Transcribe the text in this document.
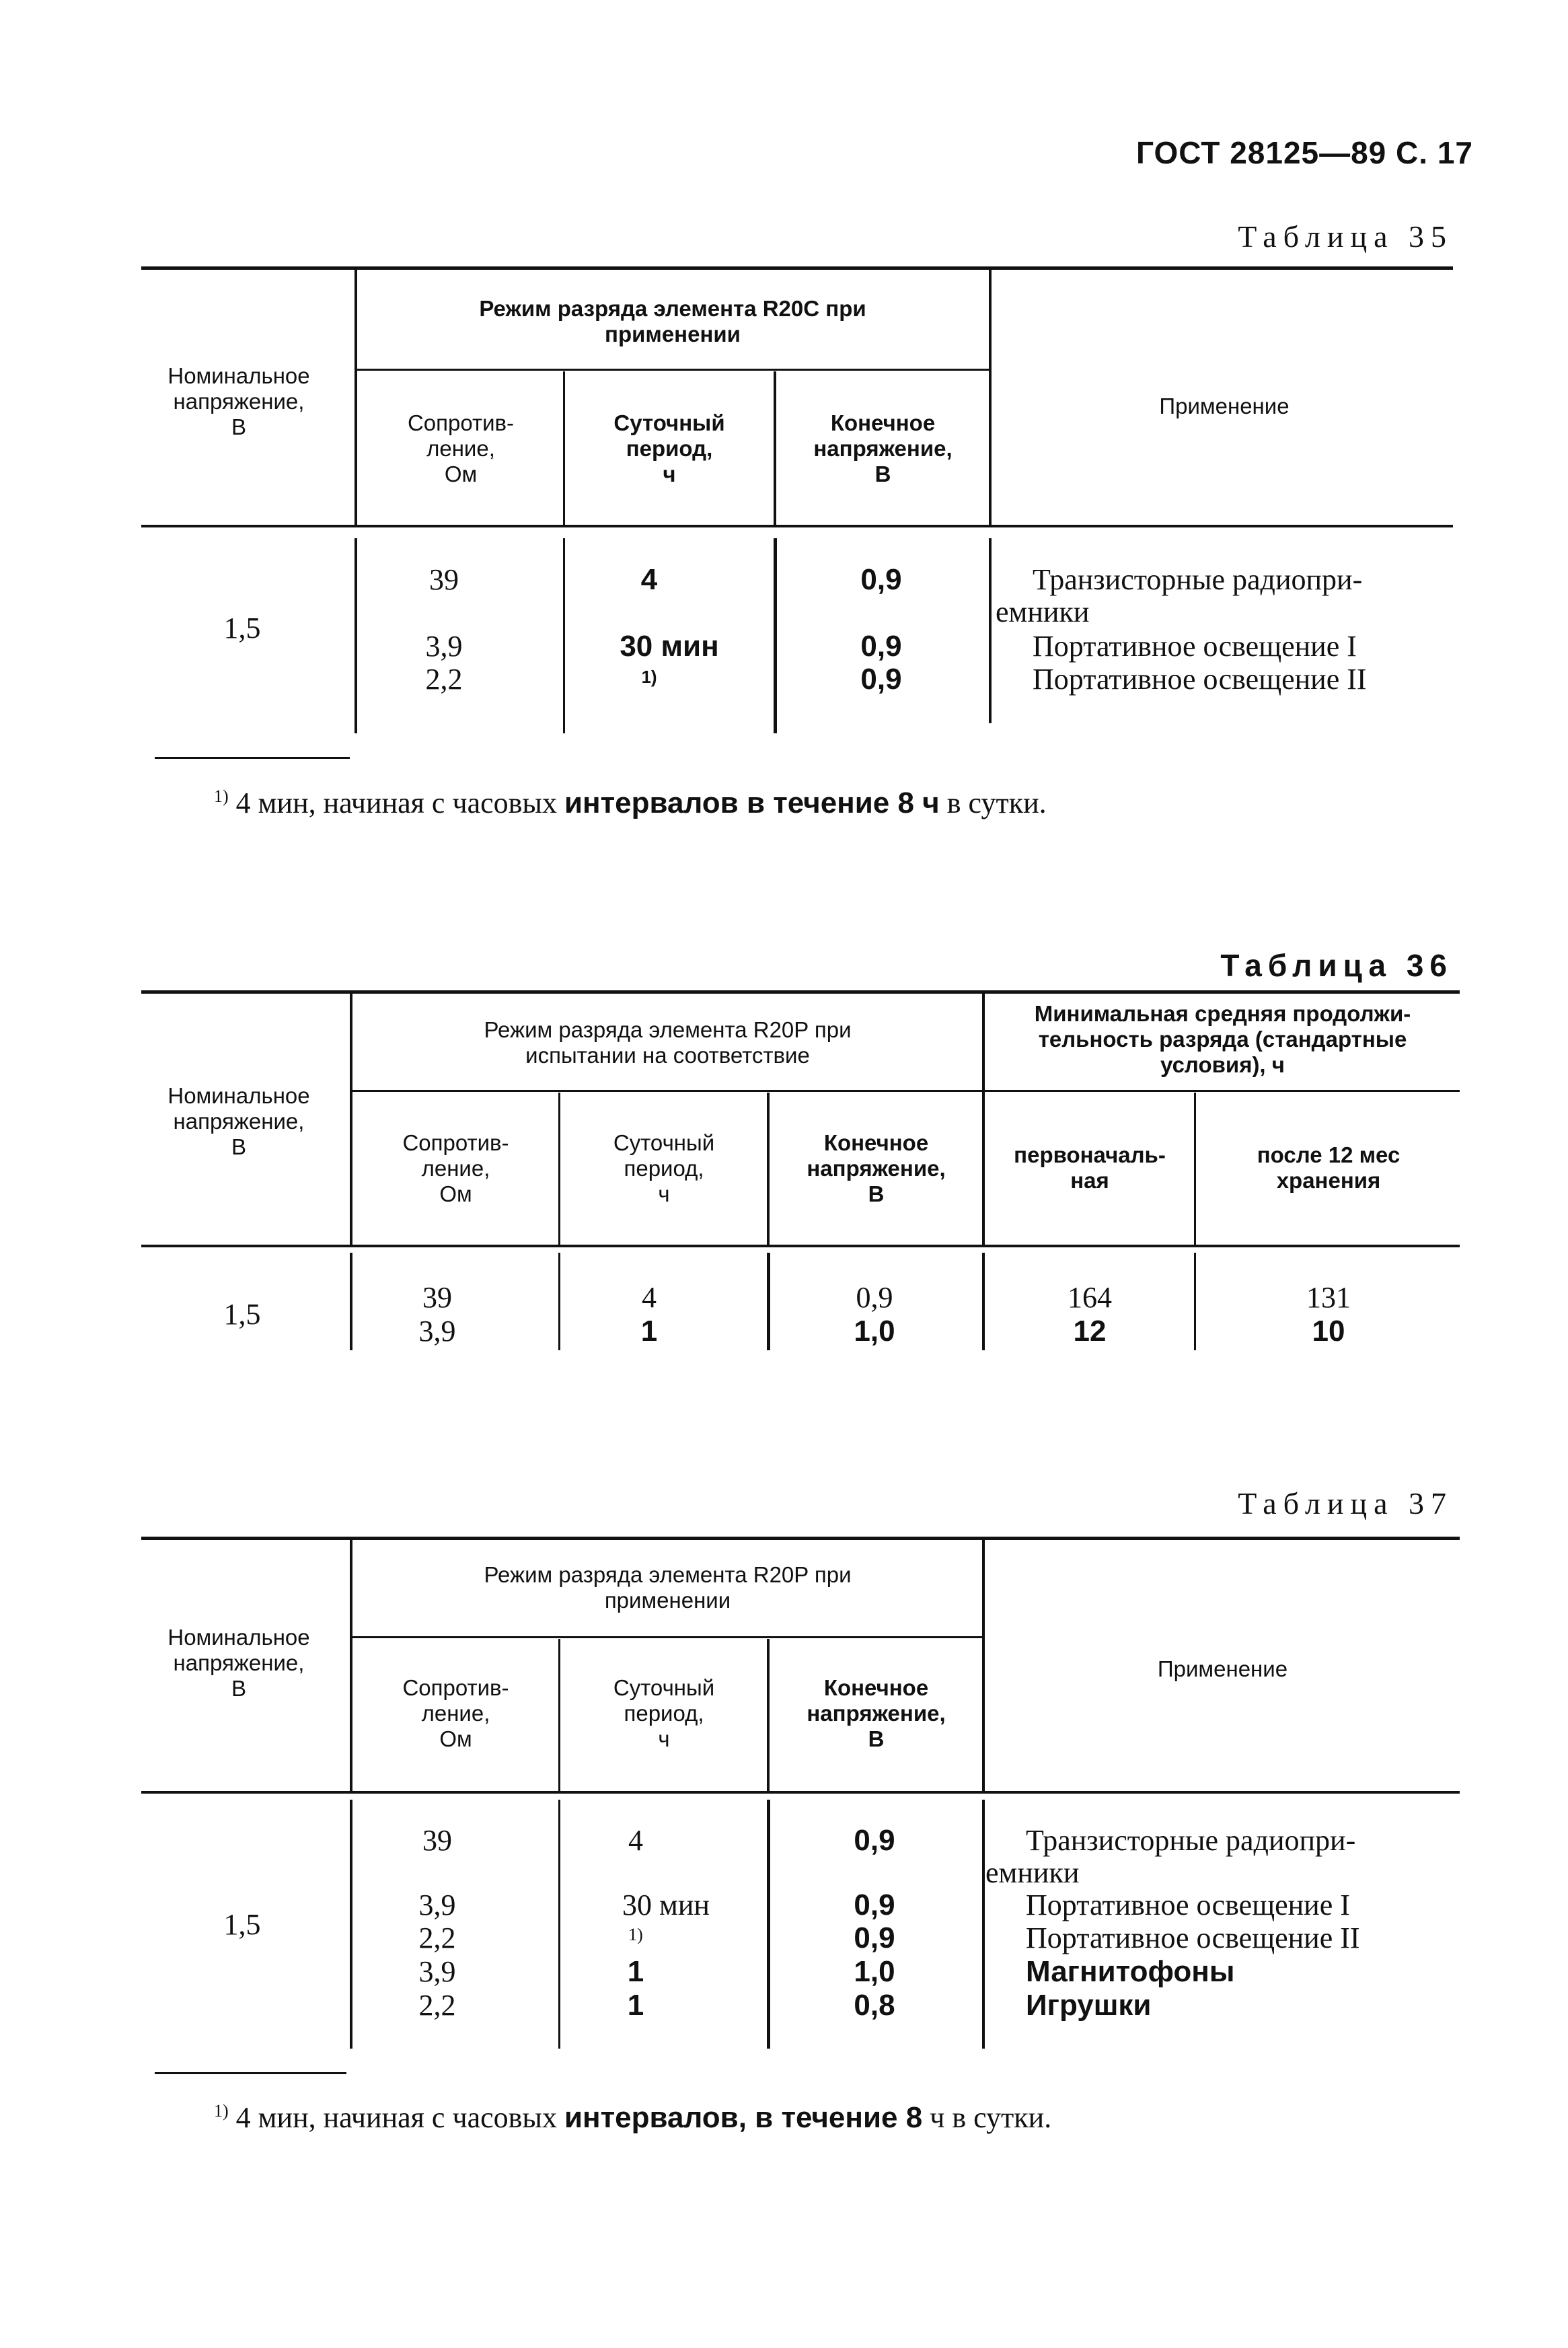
ГОСТ 28125—89 С. 17
Таблица 35
Номинальное
напряжение,
В
Режим разряда элемента R20C при
применении
Сопротив-
ление,
Ом
Суточный
период,
ч
Конечное
напряжение,
В
Применение
1,5
39	4	0,9	Транзисторные радиопри-
емники
3,9	30 мин	0,9	Портативное освещение I
2,2	1)	0,9	Портативное освещение II
$^{1)}$ 4 мин, начиная с часовых интервалов в течение 8 ч в сутки.
Таблица 36
Номинальное
напряжение,
В
Режим разряда элемента R20P при
испытании на соответствие
Минимальная средняя продолжи-
тельность разряда (стандартные
условия), ч
Сопротив-
ление,
Ом
Суточный
период,
ч
Конечное
напряжение,
В
первоначаль-
ная
после 12 мес
хранения
1,5
39	4	0,9	164	131
3,9	1	1,0	12	10
Таблица 37
Номинальное
напряжение,
В
Режим разряда элемента R20P при
применении
Сопротив-
ление,
Ом
Суточный
период,
ч
Конечное
напряжение,
В
Применение
1,5
39	4	0,9	Транзисторные радиопри-
емники
3,9	30 мин	0,9	Портативное освещение I
2,2	1)	0,9	Портативное освещение II
3,9	1	1,0	Магнитофоны
2,2	1	0,8	Игрушки
$^{1)}$ 4 мин, начиная с часовых интервалов, в течение 8 ч в сутки.
